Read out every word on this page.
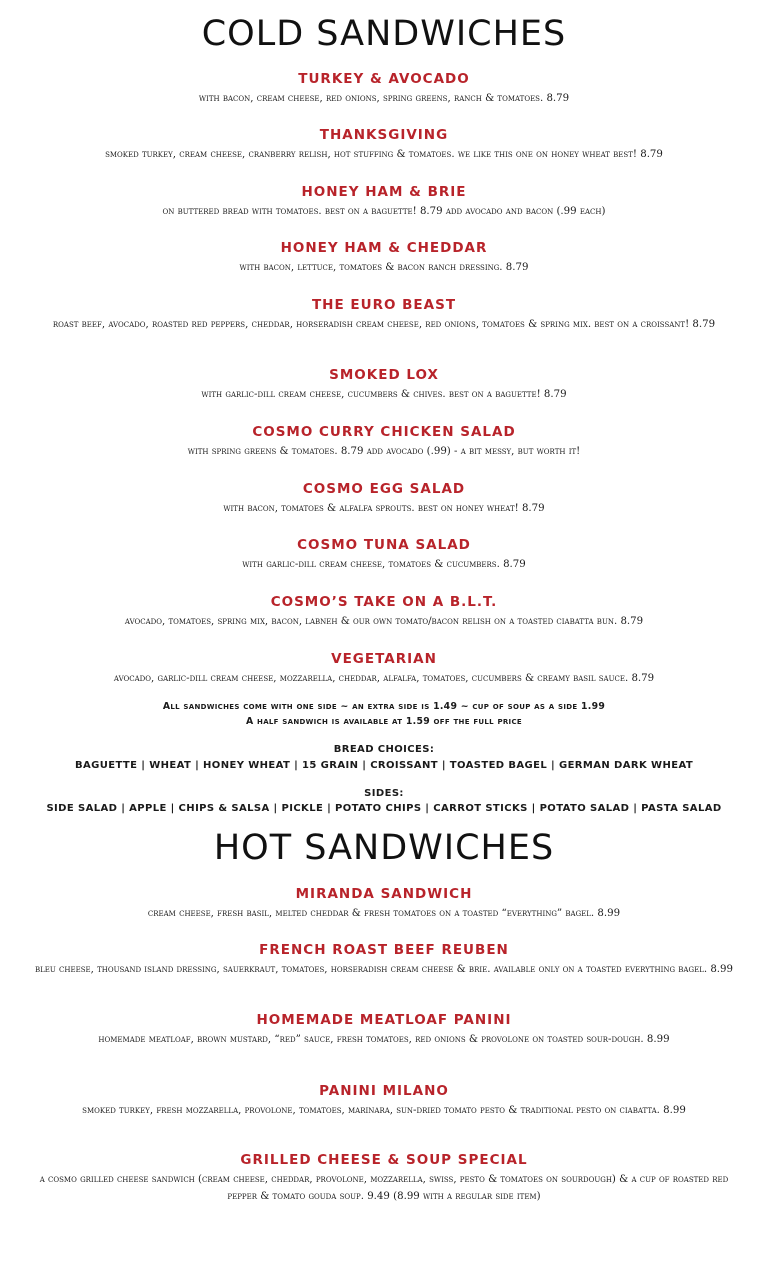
COLD SANDWICHES
TURKEY & AVOCADO
with bacon, cream cheese, red onions, spring greens, ranch & tomatoes. 8.79
THANKSGIVING
smoked turkey, cream cheese, cranberry relish, hot stuffing & tomatoes. we like this one on honey wheat best! 8.79
HONEY HAM & BRIE
on buttered bread with tomatoes. best on a baguette! 8.79 add avocado and bacon (.99 each)
HONEY HAM & CHEDDAR
with bacon, lettuce, tomatoes & bacon ranch dressing. 8.79
THE EURO BEAST
roast beef, avocado, roasted red peppers, cheddar, horseradish cream cheese, red onions, tomatoes & spring mix. best on a croissant! 8.79
SMOKED LOX
with garlic-dill cream cheese, cucumbers & chives. best on a baguette! 8.79
COSMO CURRY CHICKEN SALAD
with spring greens & tomatoes. 8.79 add avocado (.99) - a bit messy, but worth it!
COSMO EGG SALAD
with bacon, tomatoes & alfalfa sprouts. best on honey wheat! 8.79
COSMO TUNA SALAD
with garlic-dill cream cheese, tomatoes & cucumbers. 8.79
COSMO’S TAKE ON A B.L.T.
avocado, tomatoes, spring mix, bacon, labneh & our own tomato/bacon relish on a toasted ciabatta bun. 8.79
VEGETARIAN
avocado, garlic-dill cream cheese, mozzarella, cheddar, alfalfa, tomatoes, cucumbers & creamy basil sauce. 8.79
All sandwiches come with one side ~ an extra side is 1.49 ~ cup of soup as a side 1.99
A half sandwich is available at 1.59 off the full price
BREAD CHOICES:
BAGUETTE | WHEAT | HONEY WHEAT | 15 GRAIN | CROISSANT | TOASTED BAGEL | GERMAN DARK WHEAT
SIDES:
SIDE SALAD | APPLE | CHIPS & SALSA | PICKLE | POTATO CHIPS | CARROT STICKS | POTATO SALAD | PASTA SALAD
HOT SANDWICHES
MIRANDA SANDWICH
cream cheese, fresh basil, melted cheddar & fresh tomatoes on a toasted “everything” bagel. 8.99
FRENCH ROAST BEEF REUBEN
bleu cheese, thousand island dressing, sauerkraut, tomatoes, horseradish cream cheese & brie. available only on a toasted everything bagel. 8.99
HOMEMADE MEATLOAF PANINI
homemade meatloaf, brown mustard, “red” sauce, fresh tomatoes, red onions & provolone on toasted sour-dough. 8.99
PANINI MILANO
smoked turkey, fresh mozzarella, provolone, tomatoes, marinara, sun-dried tomato pesto & traditional pesto on ciabatta. 8.99
GRILLED CHEESE & SOUP SPECIAL
a cosmo grilled cheese sandwich (cream cheese, cheddar, provolone, mozzarella, swiss, pesto & tomatoes on sourdough) & a cup of roasted red pepper & tomato gouda soup. 9.49 (8.99 with a regular side item)
